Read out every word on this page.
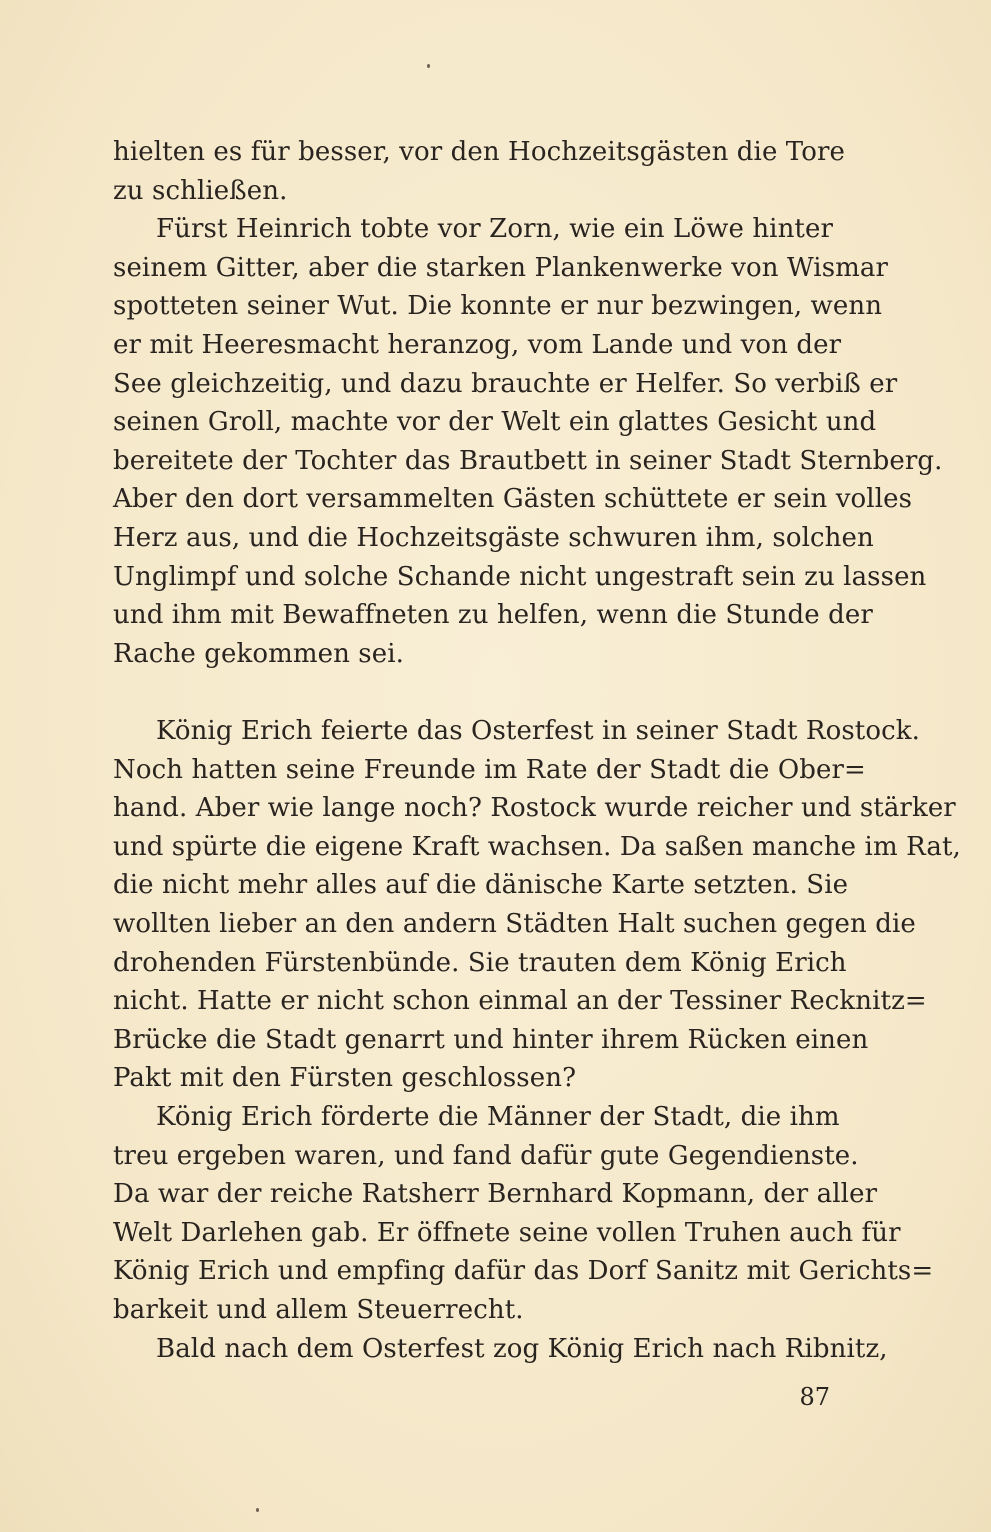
hielten es für besser, vor den Hochzeitsgästen die Tore
zu schließen.
Fürst Heinrich tobte vor Zorn, wie ein Löwe hinter
seinem Gitter, aber die starken Plankenwerke von Wismar
spotteten seiner Wut. Die konnte er nur bezwingen, wenn
er mit Heeresmacht heranzog, vom Lande und von der
See gleichzeitig, und dazu brauchte er Helfer. So verbiß er
seinen Groll, machte vor der Welt ein glattes Gesicht und
bereitete der Tochter das Brautbett in seiner Stadt Sternberg.
Aber den dort versammelten Gästen schüttete er sein volles
Herz aus, und die Hochzeitsgäste schwuren ihm, solchen
Unglimpf und solche Schande nicht ungestraft sein zu lassen
und ihm mit Bewaffneten zu helfen, wenn die Stunde der
Rache gekommen sei.
König Erich feierte das Osterfest in seiner Stadt Rostock.
Noch hatten seine Freunde im Rate der Stadt die Ober=
hand. Aber wie lange noch? Rostock wurde reicher und stärker
und spürte die eigene Kraft wachsen. Da saßen manche im Rat,
die nicht mehr alles auf die dänische Karte setzten. Sie
wollten lieber an den andern Städten Halt suchen gegen die
drohenden Fürstenbünde. Sie trauten dem König Erich
nicht. Hatte er nicht schon einmal an der Tessiner Recknitz=
Brücke die Stadt genarrt und hinter ihrem Rücken einen
Pakt mit den Fürsten geschlossen?
König Erich förderte die Männer der Stadt, die ihm
treu ergeben waren, und fand dafür gute Gegendienste.
Da war der reiche Ratsherr Bernhard Kopmann, der aller
Welt Darlehen gab. Er öffnete seine vollen Truhen auch für
König Erich und empfing dafür das Dorf Sanitz mit Gerichts=
barkeit und allem Steuerrecht.
Bald nach dem Osterfest zog König Erich nach Ribnitz,
87
